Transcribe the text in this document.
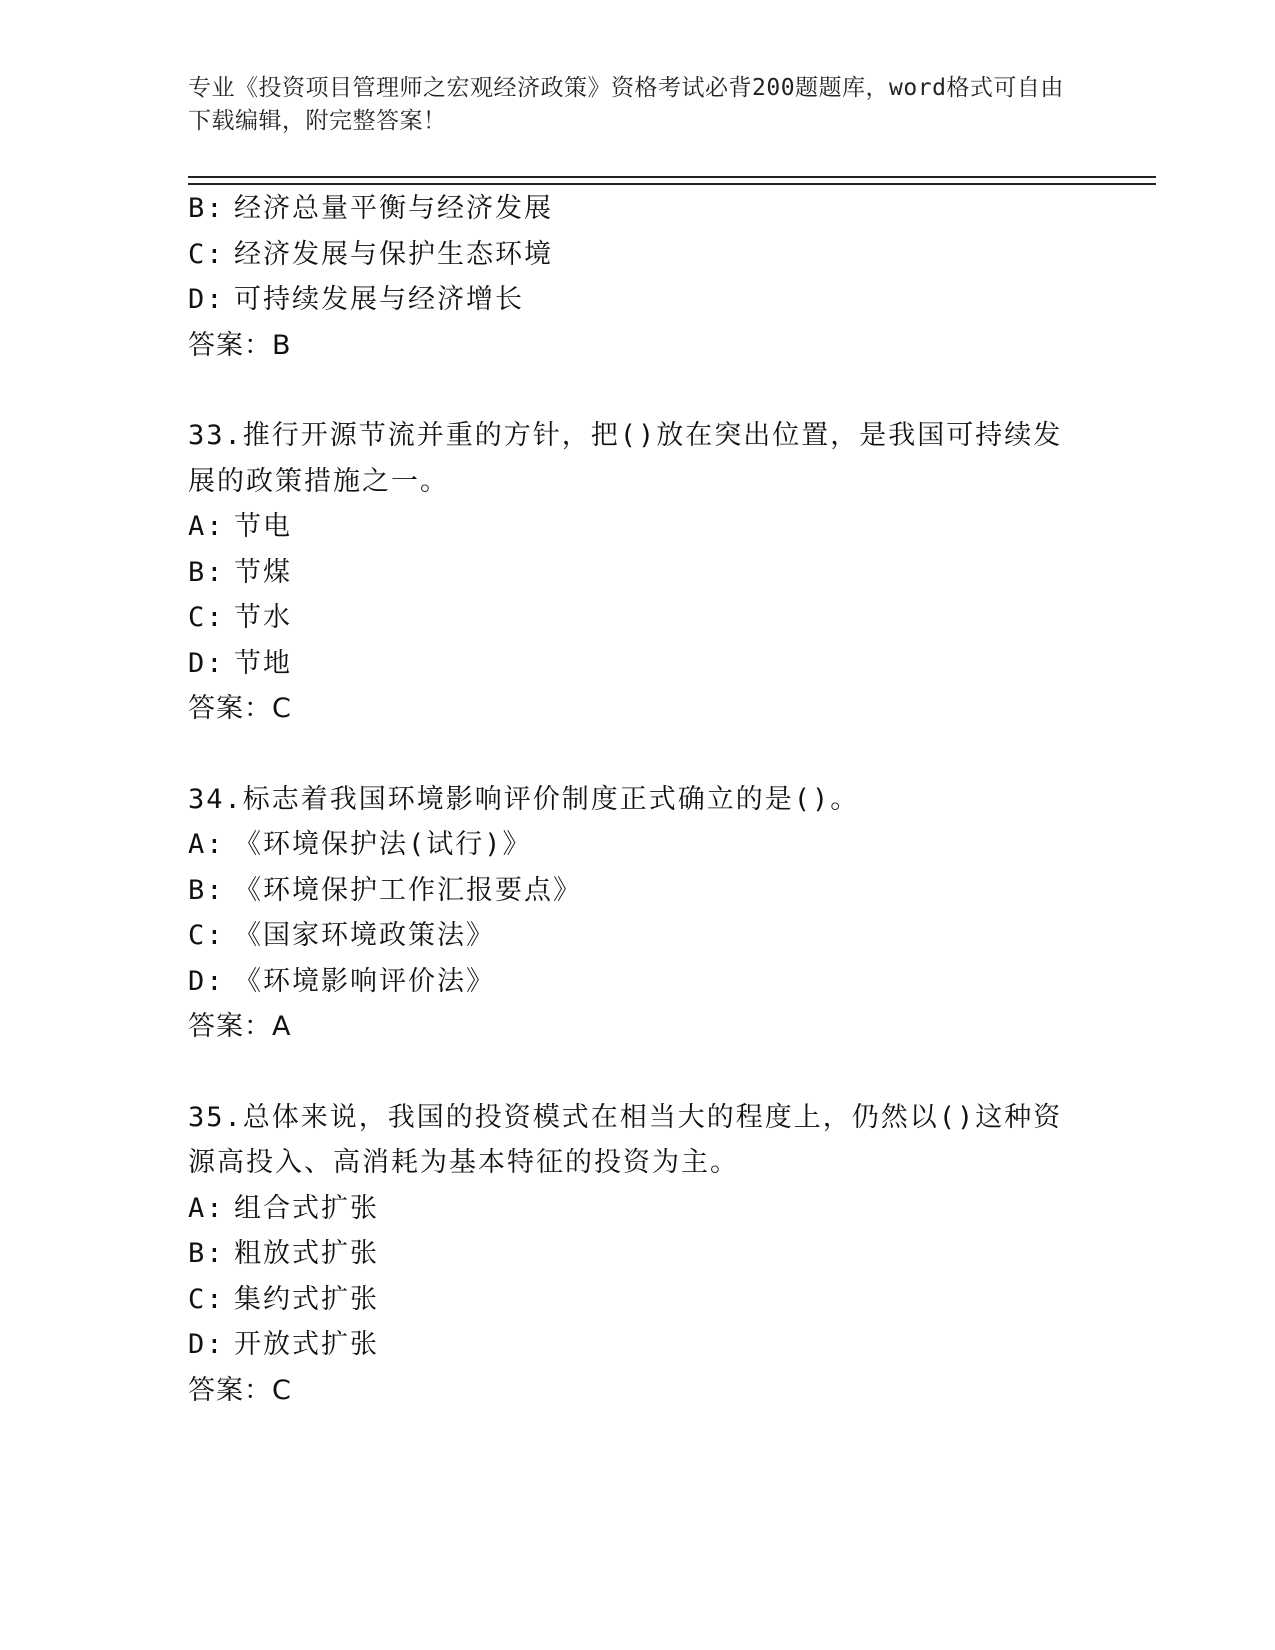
专业《投资项目管理师之宏观经济政策》资格考试必背200题题库，word格式可自由下载编辑，附完整答案！
B: 经济总量平衡与经济发展
C: 经济发展与保护生态环境
D: 可持续发展与经济增长
答案：B
33.推行开源节流并重的方针，把()放在突出位置，是我国可持续发展的政策措施之一。
A: 节电
B: 节煤
C: 节水
D: 节地
答案：C
34.标志着我国环境影响评价制度正式确立的是()。
A: 《环境保护法(试行)》
B: 《环境保护工作汇报要点》
C: 《国家环境政策法》
D: 《环境影响评价法》
答案：A
35.总体来说，我国的投资模式在相当大的程度上，仍然以()这种资源高投入、高消耗为基本特征的投资为主。
A: 组合式扩张
B: 粗放式扩张
C: 集约式扩张
D: 开放式扩张
答案：C
